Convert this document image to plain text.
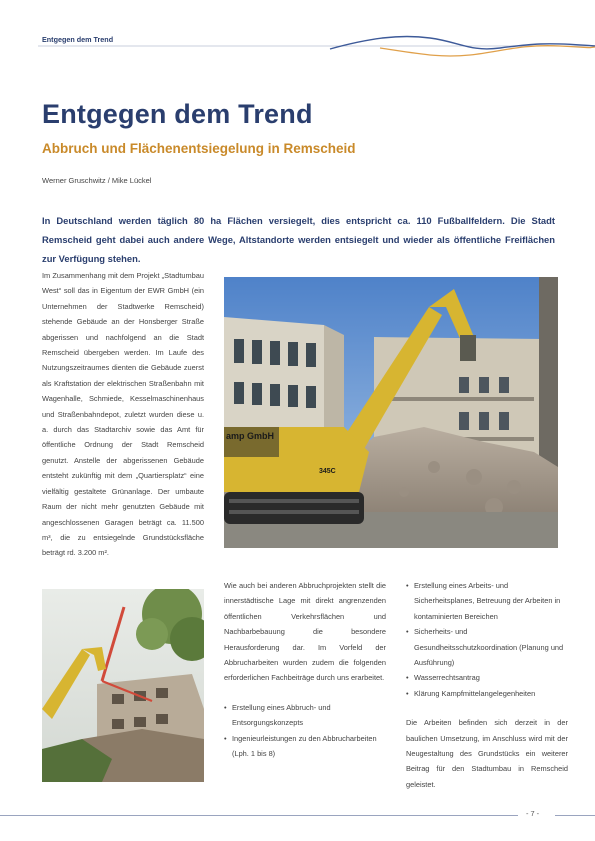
Entgegen dem Trend
Entgegen dem Trend
Abbruch und Flächenentsiegelung in Remscheid
Werner Gruschwitz / Mike Lückel

In Deutschland werden täglich 80 ha Flächen versiegelt, dies entspricht ca. 110 Fußballfeldern. Die Stadt Remscheid geht dabei auch andere Wege, Altstandorte werden entsiegelt und wieder als öffentliche Freiflächen zur Verfügung stehen.

Im Zusammenhang mit dem Projekt „Stadtumbau West“ soll das in Eigentum der EWR GmbH (ein Unternehmen der Stadtwerke Remscheid) stehende Gebäude an der Honsberger Straße abgerissen und nachfolgend an die Stadt Remscheid übergeben werden. Im Laufe des Nutzungszeitraumes dienten die Gebäude zuerst als Kraftstation der elektrischen Straßenbahn mit Wagenhalle, Schmiede, Kesselmaschinenhaus und Straßenbahndepot, zuletzt wurden diese u. a. durch das Stadtarchiv sowie das Amt für öffentliche Ordnung der Stadt Remscheid genutzt. Anstelle der abgerissenen Gebäude entsteht zukünftig mit dem „Quartiersplatz“ eine vielfältig gestaltete Grünanlage. Der umbaute Raum der nicht mehr genutzten Gebäude mit angeschlossenen Garagen beträgt ca. 11.500 m³, die zu entsiegelnde Grundstücksfläche beträgt rd. 3.200 m².

amp GmbH
345C

Wie auch bei anderen Abbruchprojekten stellt die innerstädtische Lage mit direkt angrenzenden öffentlichen Verkehrsflächen und Nachbarbebauung die besondere Herausforderung dar. Im Vorfeld der Abbrucharbeiten wurden zudem die folgenden erforderlichen Fachbeiträge durch uns erarbeitet.

• Erstellung eines Abbruch- und Entsorgungskonzepts
• Ingenieurleistungen zu den Abbrucharbeiten (Lph. 1 bis 8)
• Erstellung eines Arbeits- und Sicherheitsplanes, Betreuung der Arbeiten in kontaminierten Bereichen
• Sicherheits- und Gesundheitsschutzkoordination (Planung und Ausführung)
• Wasserrechtsantrag
• Klärung Kampfmittelangelegenheiten

Die Arbeiten befinden sich derzeit in der baulichen Umsetzung, im Anschluss wird mit der Neugestaltung des Grundstücks ein weiterer Beitrag für den Stadtumbau in Remscheid geleistet.

- 7 -
